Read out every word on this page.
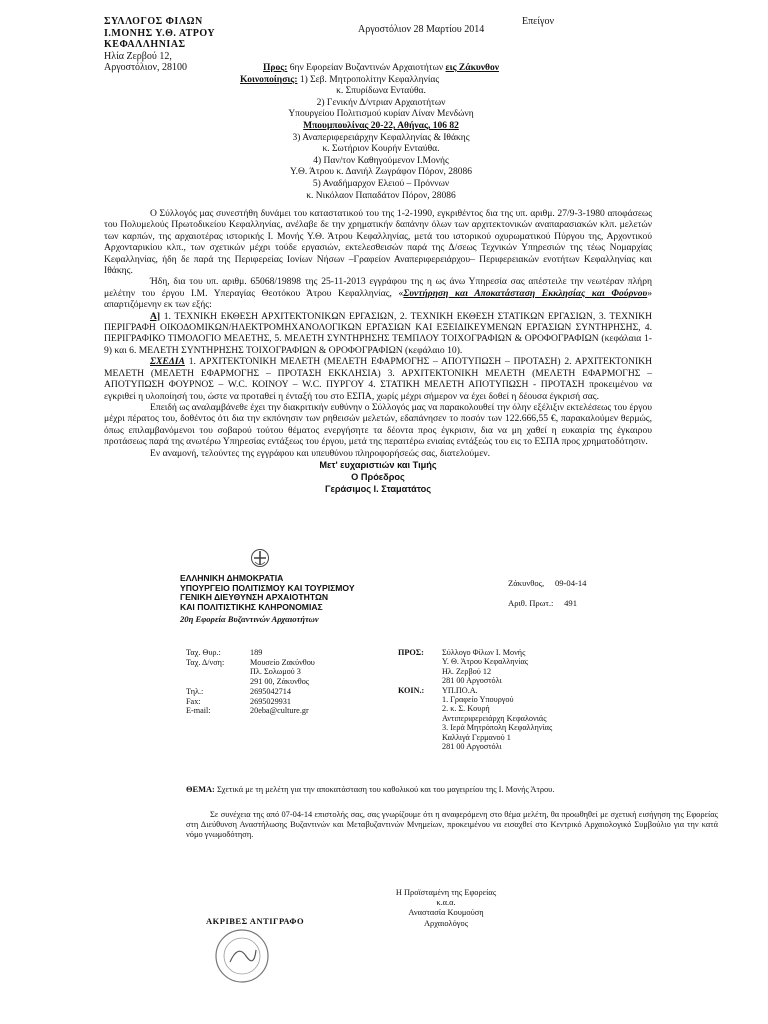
ΣΥΛΛΟΓΟΣ ΦΙΛΩΝ
Ι.ΜΟΝΗΣ Υ.Θ. ΑΤΡΟΥ
ΚΕΦΑΛΛΗΝΙΑΣ
Ηλία Ζερβού 12,
Αργοστόλιον, 28100
Αργοστόλιον 28 Μαρτίου 2014
Επείγον
Προς: 6ην Εφορείαν Βυζαντινών Αρχαιοτήτων εις Ζάκυνθον
Κοινοποίησις: 1) Σεβ. Μητροπολίτην Κεφαλληνίας
κ. Σπυρίδωνα Ενταύθα.
2) Γενικήν Δ/ντριαν Αρχαιοτήτων
Υπουργείου Πολιτισμού κυρίαν Λίναν Μενδώνη
Μπουμπουλίνας 20-22, Αθήνας, 106 82
3) Αναπεριφερειάρχην Κεφαλληνίας & Ιθάκης
κ. Σωτήριον Κουρήν Ενταύθα.
4) Παν/τον Καθηγούμενον Ι.Μονής
Υ.Θ. Άτρου κ. Δανιήλ Ζωγράφον Πόρον, 28086
5) Αναδήμαρχον Ελειού – Πρόννων
κ. Νικόλαον Παπαδάτον Πόρον, 28086

Ο Σύλλογός μας συνεστήθη δυνάμει του καταστατικού του της 1-2-1990, εγκριθέντος δια της υπ. αριθμ. 27/9-3-1980 αποφάσεως του Πολυμελούς Πρωτοδικείου Κεφαλληνίας, ανέλαβε δε την χρηματικήν δαπάνην όλων των αρχιτεκτονικών αναπαρασιακών κλπ. μελετών των καρπών, της αρχαιοτέρας ιστορικής Ι. Μονής Υ.Θ. Άτρου Κεφαλληνίας, μετά του ιστορικού οχυρωματικού Πύργου της, Αρχοντικού Αρχονταρικίου κλπ., των σχετικών μέχρι τούδε εργασιών, εκτελεσθεισών παρά της Δ/σεως Τεχνικών Υπηρεσιών της τέως Νομαρχίας Κεφαλληνίας, ήδη δε παρά της Περιφερείας Ιονίων Νήσων –Γραφείον Αναπεριφερειάρχου– Περιφερειακών ενοτήτων Κεφαλληνίας και Ιθάκης.

Ήδη, δια του υπ. αριθμ. 65068/19898 της 25-11-2013 εγγράφου της η ως άνω Υπηρεσία σας απέστειλε την νεωτέραν πλήρη μελέτην του έργου Ι.Μ. Υπεραγίας Θεοτόκου Άτρου Κεφαλληνίας, «Συντήρηση και Αποκατάσταση Εκκλησίας και Φούρνου» απαρτιζόμενην εκ των εξής:

A] 1. ΤΕΧΝΙΚΗ ΕΚΘΕΣΗ ΑΡΧΙΤΕΚΤΟΝΙΚΩΝ ΕΡΓΑΣΙΩΝ, 2. ΤΕΧΝΙΚΗ ΕΚΘΕΣΗ ΣΤΑΤΙΚΩΝ ΕΡΓΑΣΙΩΝ, 3. ΤΕΧΝΙΚΗ ΠΕΡΙΓΡΑΦΗ ΟΙΚΟΔΟΜΙΚΩΝ/ΗΛΕΚΤΡΟΜΗΧΑΝΟΛΟΓΙΚΩΝ ΕΡΓΑΣΙΩΝ ΚΑΙ ΕΞΕΙΔΙΚΕΥΜΕΝΩΝ ΕΡΓΑΣΙΩΝ ΣΥΝΤΗΡΗΣΗΣ, 4. ΠΕΡΙΓΡΑΦΙΚΟ ΤΙΜΟΛΟΓΙΟ ΜΕΛΕΤΗΣ, 5. ΜΕΛΕΤΗ ΣΥΝΤΗΡΗΣΗΣ ΤΕΜΠΛΟΥ ΤΟΙΧΟΓΡΑΦΙΩΝ & ΟΡΟΦΟΓΡΑΦΙΩΝ (κεφάλαια 1-9) και 6. ΜΕΛΕΤΗ ΣΥΝΤΗΡΗΣΗΣ ΤΟΙΧΟΓΡΑΦΙΩΝ & ΟΡΟΦΟΓΡΑΦΙΩΝ (κεφάλαιο 10).

ΣΧΕΔΙΑ 1. ΑΡΧΙΤΕΚΤΟΝΙΚΗ ΜΕΛΕΤΗ (ΜΕΛΕΤΗ ΕΦΑΡΜΟΓΗΣ – ΑΠΟΤΥΠΩΣΗ – ΠΡΟΤΑΣΗ) 2. ΑΡΧΙΤΕΚΤΟΝΙΚΗ ΜΕΛΕΤΗ (ΜΕΛΕΤΗ ΕΦΑΡΜΟΓΗΣ – ΠΡΟΤΑΣΗ ΕΚΚΛΗΣΙΑ) 3. ΑΡΧΙΤΕΚΤΟΝΙΚΗ ΜΕΛΕΤΗ (ΜΕΛΕΤΗ ΕΦΑΡΜΟΓΗΣ – ΑΠΟΤΥΠΩΣΗ ΦΟΥΡΝΟΣ – W.C. ΚΟΙΝΟΥ – W.C. ΠΥΡΓΟΥ 4. ΣΤΑΤΙΚΗ ΜΕΛΕΤΗ ΑΠΟΤΥΠΩΣΗ - ΠΡΟΤΑΣΗ προκειμένου να εγκριθεί η υλοποίησή του, ώστε να προταθεί η ένταξή του στο ΕΣΠΑ, χωρίς μέχρι σήμερον να έχει δοθεί η δέουσα έγκρισή σας.

Επειδή ως αναλαμβάνεθε έχει την διακριτικήν ευθύνην ο Σύλλογός μας να παρακολουθεί την όλην εξέλιξιν εκτελέσεως του έργου μέχρι πέρατος του, δοθέντος ότι δια την εκπόνησιν των ρηθεισών μελετών, εδαπάνησεν το ποσόν των 122.666,55 €, παρακαλούμεν θερμώς, όπως επιλαμβανόμενοι του σοβαρού τούτου θέματος ενεργήσητε τα δέοντα προς έγκρισιν, δια να μη χαθεί η ευκαιρία της έγκαιρου προτάσεως παρά της ανωτέρω Υπηρεσίας εντάξεως του έργου, μετά της περαιτέρω ενιαίας εντάξεώς του εις το ΕΣΠΑ προς χρηματοδότησιν.

Εν αναμονή, τελούντες της εγγράφου και υπευθύνου πληροφορήσεώς σας, διατελούμεν.

Μετ' ευχαριστιών και Τιμής
Ο Πρόεδρος
Γεράσιμος Ι. Σταματάτος
ΕΛΛΗΝΙΚΗ ΔΗΜΟΚΡΑΤΙΑ
ΥΠΟΥΡΓΕΙΟ ΠΟΛΙΤΙΣΜΟΥ ΚΑΙ ΤΟΥΡΙΣΜΟΥ
ΓΕΝΙΚΗ ΔΙΕΥΘΥΝΣΗ ΑΡΧΑΙΟΤΗΤΩΝ
ΚΑΙ ΠΟΛΙΤΙΣΤΙΚΗΣ ΚΛΗΡΟΝΟΜΙΑΣ
20η Εφορεία Βυζαντινών Αρχαιοτήτων
Ζάκυνθος, 09-04-14
Αριθ. Πρωτ.: 491
Ταχ. Θυρ.:	189
Ταχ. Δ/νση:	Μουσείο Ζακύνθου
Πλ. Σολωμού 3
291 00, Ζάκυνθος
Τηλ.:	2695042714
Fax:	2695029931
E-mail:	20eba@culture.gr
ΠΡΟΣ: Σύλλογο Φίλων Ι. Μονής
Υ. Θ. Άτρου Κεφαλληνίας
Ηλ. Ζερβού 12
281 00 Αργοστόλι
ΚΟΙΝ.: ΥΠ.ΠΟ.Α.
1. Γραφείο Υπουργού
2. κ. Σ. Κουρή
Αντιπεριφερειάρχη Κεφαλονιάς
3. Ιερά Μητρόπολη Κεφαλληνίας
Καλλιγά Γερμανού 1
281 00 Αργοστόλι
ΘΕΜΑ: Σχετικά με τη μελέτη για την αποκατάσταση του καθολικού και του μαγειρείου της Ι. Μονής Άτρου.
Σε συνέχεια της από 07-04-14 επιστολής σας, σας γνωρίζουμε ότι η αναφερόμενη στο θέμα μελέτη, θα προωθηθεί με σχετική εισήγηση της Εφορείας στη Διεύθυνση Αναστήλωσης Βυζαντινών και Μεταβυζαντινών Μνημείων, προκειμένου να εισαχθεί στο Κεντρικό Αρχαιολογικό Συμβούλιο για την κατά νόμο γνωμοδότηση.
Η Προϊσταμένη της Εφορείας
κ.α.α.
Αναστασία Κουμούση
Αρχαιολόγος
ΑΚΡΙΒΕΣ ΑΝΤΙΓΡΑΦΟ
